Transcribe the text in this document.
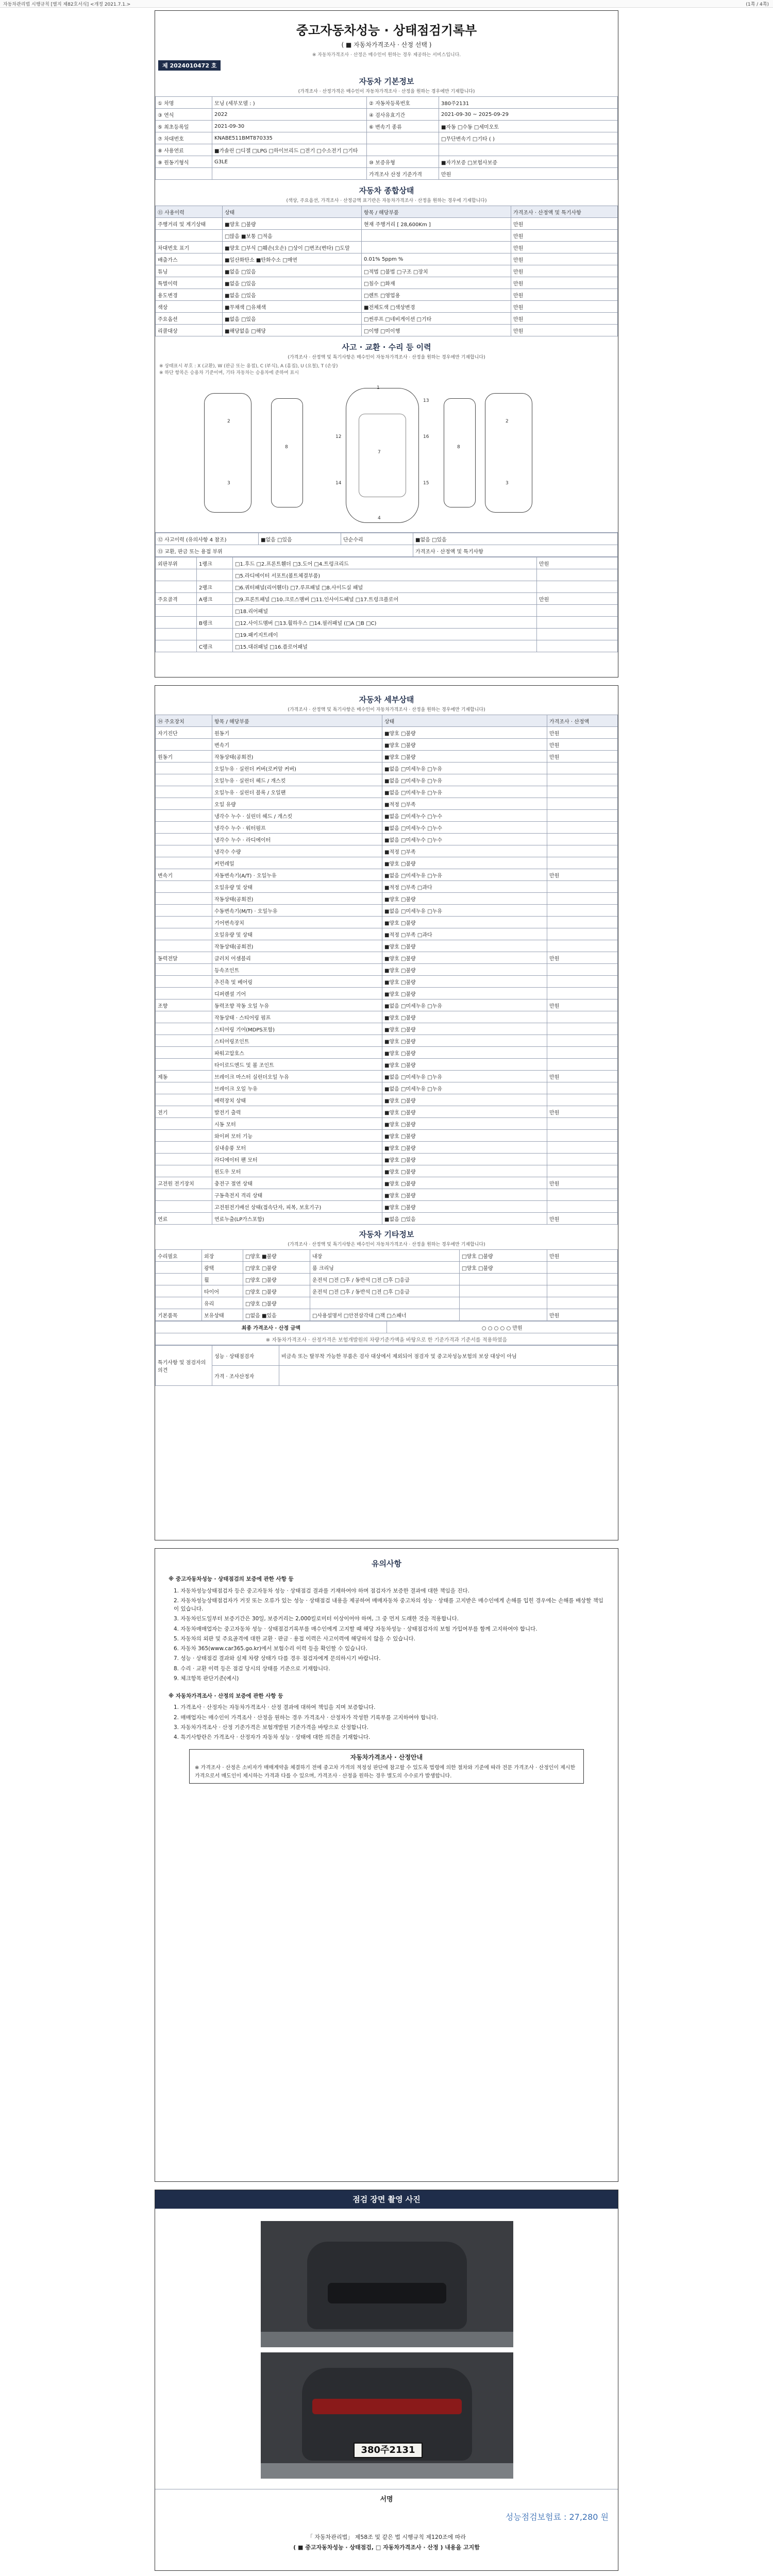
자동차관리법 시행규칙 [별지 제82호서식] <개정 2021.7.1.>	(1쪽 / 4쪽)
중고자동차성능 · 상태점검기록부
( ■ 자동차가격조사 · 산정 선택 )
※ 자동차가격조사 · 산정은 매수인이 원하는 경우 제공하는 서비스입니다.
제 2024010472 호
자동차 기본정보
(가격조사 · 산정가격은 매수인이 자동차가격조사 · 산정을 원하는 경우에만 기재합니다)
① 차명	모닝 (세부모델 : )	② 자동차등록번호	380주2131
③ 연식	2022	④ 검사유효기간	2021-09-30 ~ 2025-09-29
⑤ 최초등록일	2021-09-30	⑥ 변속기 종류	■자동 □수동 □세미오토
⑦ 차대번호	KNABE511BMT870335		□무단변속기 □기타 ( )
⑧ 사용연료	■가솔린 □디젤 □LPG □하이브리드 □전기 □수소전기 □기타		
⑨ 원동기형식	G3LE	⑩ 보증유형	■자가보증 □보험사보증
		가격조사 산정 기준가격	만원
자동차 종합상태
(색상, 주요옵션, 가격조사 · 산정금액 표기란은 자동차가격조사 · 산정을 원하는 경우에 기재합니다)
⑪ 사용이력	상태	항목 / 해당부품	가격조사 · 산정액 및 특기사항
주행거리 및 계기상태	■양호 □불량	현재 주행거리 [ 28,600Km ]	만원
	□많음 ■보통 □적음		만원
차대번호 표기	■양호 □부식 □훼손(오손) □상이 □변조(변타) □도말		만원
배출가스	■일산화탄소 ■탄화수소 □매연	0.01% 5ppm %	만원
튜닝	■없음 □있음	□적법 □불법 □구조 □장치	만원
특별이력	■없음 □있음	□침수 □화재	만원
용도변경	■없음 □있음	□렌트 □영업용	만원
색상	■무채색 □유채색	■전체도색 □색상변경	만원
주요옵션	■없음 □있음	□썬루프 □네비게이션 □기타	만원
리콜대상	■해당없음 □해당	□이행 □미이행	만원
사고 · 교환 · 수리 등 이력
(가격조사 · 산정액 및 특기사항은 매수인이 자동차가격조사 · 산정을 원하는 경우에만 기재합니다)
※ 상태표시 부호 : X (교환), W (판금 또는 용접), C (부식), A (흠집), U (요철), T (손상)
※ 하단 항목은 승용차 기준이며, 기타 자동차는 승용차에 준하여 표시
1
7
4
2
3
2
3
8	8
13
16
15
12
14
⑫ 사고이력 (유의사항 4 참조)	■없음 □있음	단순수리	■없음 □있음
⑬ 교환, 판금 또는 용접 부위			가격조사 · 산정액 및 특기사항
외판부위	1랭크	□1.후드 □2.프론트휀더 □3.도어 □4.트렁크리드	만원
		□5.라디에이터 서포트(볼트체결부품)	
	2랭크	□6.쿼터패널(리어휀더) □7.루프패널 □8.사이드실 패널	
주요골격	A랭크	□9.프론트패널 □10.크로스멤버 □11.인사이드패널 □17.트렁크플로어	만원
		□18.리어패널	
	B랭크	□12.사이드멤버 □13.휠하우스 □14.필러패널 (□A □B □C)	
		□19.패키지트레이	
	C랭크	□15.대쉬패널 □16.플로어패널	
자동차 세부상태
(가격조사 · 산정액 및 특기사항은 매수인이 자동차가격조사 · 산정을 원하는 경우에만 기재합니다)
⑭ 주요장치	항목 / 해당부품	상태	가격조사 · 산정액
자기진단	원동기	■양호 □불량	만원
	변속기	■양호 □불량	만원
원동기	작동상태(공회전)	■양호 □불량	만원
	오일누유 · 실린더 커버(로커암 커버)	■없음 □미세누유 □누유	
	오일누유 · 실린더 헤드 / 개스킷	■없음 □미세누유 □누유	
	오일누유 · 실린더 블록 / 오일팬	■없음 □미세누유 □누유	
	오일 유량	■적정 □부족	
	냉각수 누수 · 실린더 헤드 / 개스킷	■없음 □미세누수 □누수	
	냉각수 누수 · 워터펌프	■없음 □미세누수 □누수	
	냉각수 누수 · 라디에이터	■없음 □미세누수 □누수	
	냉각수 수량	■적정 □부족	
	커먼레일	■양호 □불량	
변속기	자동변속기(A/T) · 오일누유	■없음 □미세누유 □누유	만원
	오일유량 및 상태	■적정 □부족 □과다	
	작동상태(공회전)	■양호 □불량	
	수동변속기(M/T) · 오일누유	■없음 □미세누유 □누유	
	기어변속장치	■양호 □불량	
	오일유량 및 상태	■적정 □부족 □과다	
	작동상태(공회전)	■양호 □불량	
동력전달	클러치 어셈블리	■양호 □불량	만원
	등속조인트	■양호 □불량	
	추진축 및 베어링	■양호 □불량	
	디퍼렌셜 기어	■양호 □불량	
조향	동력조향 작동 오일 누유	■없음 □미세누유 □누유	만원
	작동상태 · 스티어링 펌프	■양호 □불량	
	스티어링 기어(MDPS포함)	■양호 □불량	
	스티어링조인트	■양호 □불량	
	파워고압호스	■양호 □불량	
	타이로드엔드 및 볼 조인트	■양호 □불량	
제동	브레이크 마스터 실린더오일 누유	■없음 □미세누유 □누유	만원
	브레이크 오일 누유	■없음 □미세누유 □누유	
	배력장치 상태	■양호 □불량	
전기	발전기 출력	■양호 □불량	만원
	시동 모터	■양호 □불량	
	와이퍼 모터 기능	■양호 □불량	
	실내송풍 모터	■양호 □불량	
	라디에이터 팬 모터	■양호 □불량	
	윈도우 모터	■양호 □불량	
고전원 전기장치	충전구 절연 상태	■양호 □불량	만원
	구동축전지 격리 상태	■양호 □불량	
	고전원전기배선 상태(접속단자, 피복, 보호기구)	■양호 □불량	
연료	연료누출(LP가스포함)	■없음 □있음	만원
자동차 기타정보
(가격조사 · 산정액 및 특기사항은 매수인이 자동차가격조사 · 산정을 원하는 경우에만 기재합니다)
수리필요	외장	□양호 ■불량	내장	□양호 □불량	만원
	광택	□양호 □불량	룸 크리닝	□양호 □불량	
	휠	□양호 □불량	운전석 □전 □후 / 동반석 □전 □후 □응급		
	타이어	□양호 □불량	운전석 □전 □후 / 동반석 □전 □후 □응급		
	유리	□양호 □불량			
기본품목	보유상태	□없음 ■있음	□사용설명서 □안전삼각대 □잭 □스패너		만원
최종 가격조사 · 산정 금액	○ ○ ○ ○ ○ 만원
※ 자동차가격조사 · 산정가격은 보험개발원의 차량기준가액을 바탕으로 한 기준가격과 기준서를 적용하였음
특기사항 및 점검자의 의견	성능 · 상태점검자	비금속 또는 탈부착 가능한 부품은 검사 대상에서 제외되어 점검자 및 중고차성능보험의 보상 대상이 아님
	가격 · 조사산정자	
유의사항
※ 중고자동차성능 · 상태점검의 보증에 관한 사항 등

1. 자동차성능상태점검자 등은 중고자동차 성능 · 상태점검 결과를 기재하여야 하며 점검자가 보증한 결과에 대한 책임을 진다.

2. 자동차성능상태점검자가 거짓 또는 오류가 있는 성능 · 상태점검 내용을 제공하여 매매자동차 중고차의 성능 · 상태를 고지받은 매수인에게 손해를 입힌 경우에는 손해를 배상할 책임이 있습니다.

3. 자동차인도일부터 보증기간은 30일, 보증거리는 2,000킬로미터 이상이어야 하며, 그 중 먼저 도래한 것을 적용합니다.

4. 자동차매매업자는 중고자동차 성능 · 상태점검기록부를 매수인에게 고지할 때 해당 자동차성능 · 상태점검자의 보험 가입여부를 함께 고지하여야 합니다.

5. 자동차의 외판 및 주요골격에 대한 교환 · 판금 · 용접 이력은 사고이력에 해당하지 않을 수 있습니다.

6. 자동차 365(www.car365.go.kr)에서 보험수리 이력 등을 확인할 수 있습니다.

7. 성능 · 상태점검 결과와 실제 차량 상태가 다를 경우 점검자에게 문의하시기 바랍니다.

8. 수리 · 교환 이력 등은 점검 당시의 상태를 기준으로 기재합니다.

9. 체크항목 판단기준(예시)

※ 자동차가격조사 · 산정의 보증에 관한 사항 등

1. 가격조사 · 산정자는 자동차가격조사 · 산정 결과에 대하여 책임을 지며 보증합니다.

2. 매매업자는 매수인이 가격조사 · 산정을 원하는 경우 가격조사 · 산정자가 작성한 기록부를 고지하여야 합니다.

3. 자동차가격조사 · 산정 기준가격은 보험개발원 기준가격을 바탕으로 산정합니다.

4. 특기사항란은 가격조사 · 산정자가 자동차 성능 · 상태에 대한 의견을 기재합니다.

자동차가격조사 · 산정안내
※ 가격조사 · 산정은 소비자가 매매계약을 체결하기 전에 중고차 가격의 적정성 판단에 참고할 수 있도록 법령에 의한 절차와 기준에 따라 전문 가격조사 · 산정인이 제시한 가격으로서 매도인이 제시하는 가격과 다를 수 있으며, 가격조사 · 산정을 원하는 경우 별도의 수수료가 발생합니다.
점검 장면 촬영 사진
380주2131
서명
성능점검보험료 : 27,280 원
「 자동차관리법」 제58조 및 같은 법 시행규칙 제120조에 따라
( ■ 중고자동차성능 · 상태점검, □ 자동차가격조사 · 산정 ) 내용을 고지함
